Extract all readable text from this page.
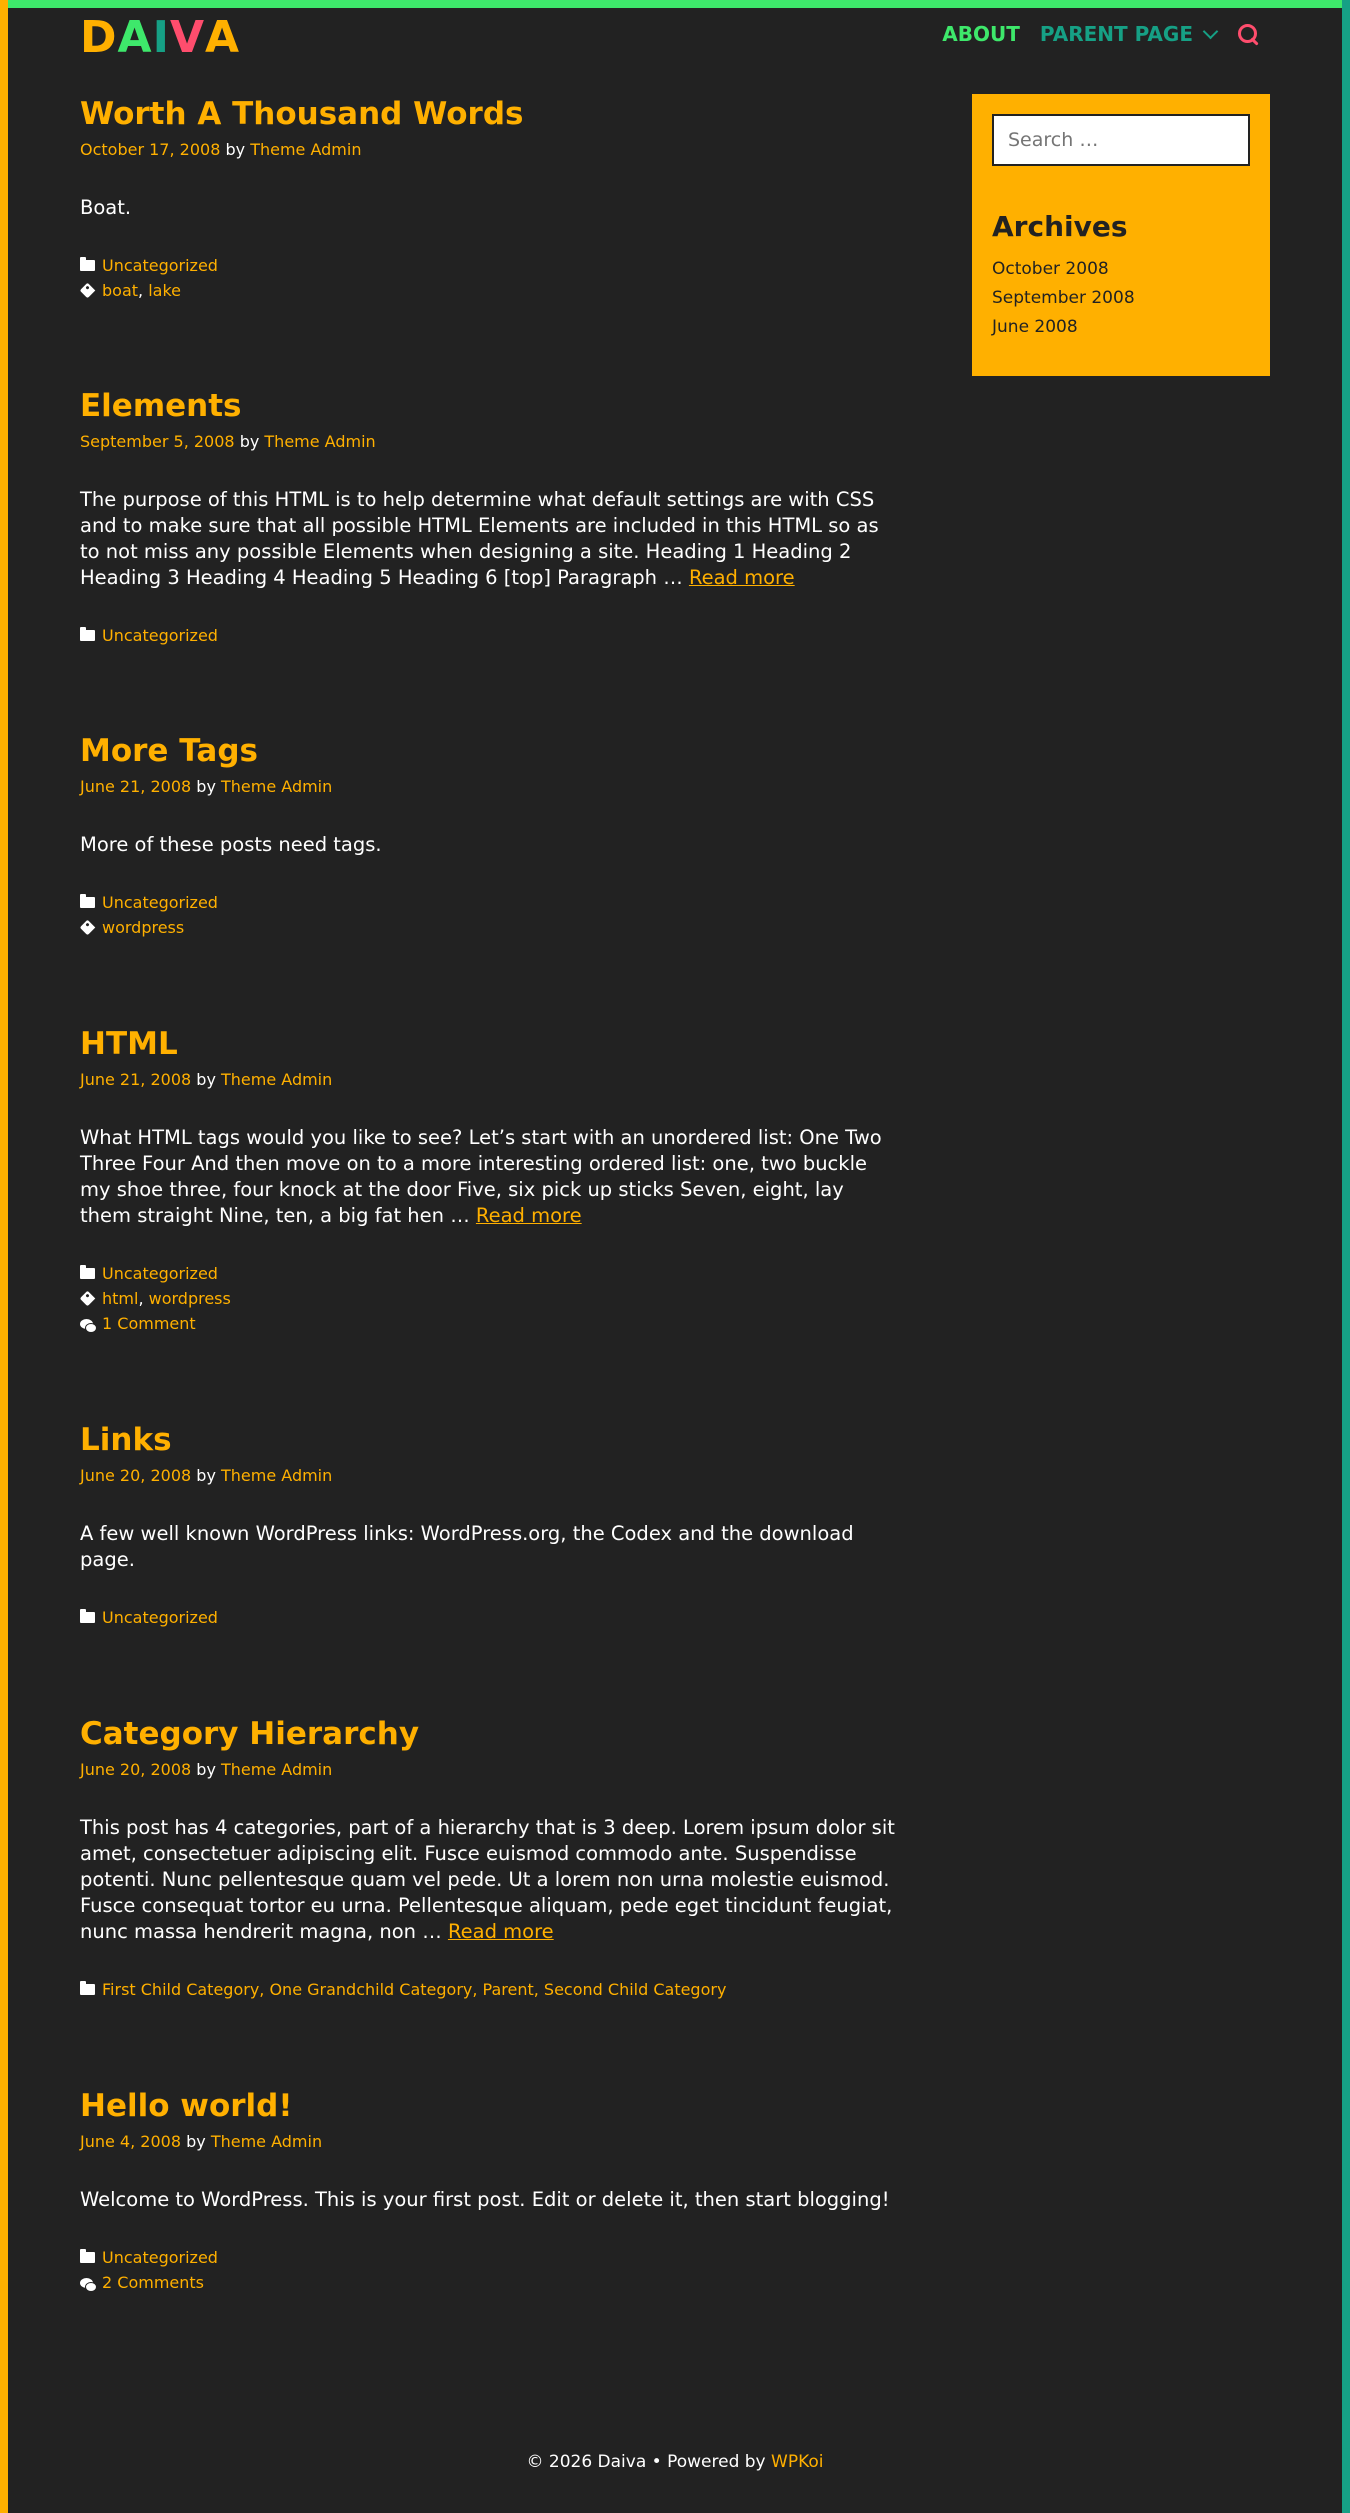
DAIVA	ABOUT PARENT PAGE
Worth A Thousand Words
October 17, 2008 by Theme Admin
Boat.
Uncategorized
boat , lake
Elements
September 5, 2008 by Theme Admin
The purpose of this HTML is to help determine what default settings are with CSS and to make sure that all possible HTML Elements are included in this HTML so as to not miss any possible Elements when designing a site. Heading 1 Heading 2 Heading 3 Heading 4 Heading 5 Heading 6 [top] Paragraph … Read more
Uncategorized
More Tags
June 21, 2008 by Theme Admin
More of these posts need tags.
Uncategorized
wordpress
HTML
June 21, 2008 by Theme Admin
What HTML tags would you like to see? Let’s start with an unordered list: One Two Three Four And then move on to a more interesting ordered list: one, two buckle my shoe three, four knock at the door Five, six pick up sticks Seven, eight, lay them straight Nine, ten, a big fat hen … Read more
Uncategorized
html , wordpress
1 Comment
Links
June 20, 2008 by Theme Admin
A few well known WordPress links: WordPress.org, the Codex and the download page.
Uncategorized
Category Hierarchy
June 20, 2008 by Theme Admin
This post has 4 categories, part of a hierarchy that is 3 deep. Lorem ipsum dolor sit amet, consectetuer adipiscing elit. Fusce euismod commodo ante. Suspendisse potenti. Nunc pellentesque quam vel pede. Ut a lorem non urna molestie euismod. Fusce consequat tortor eu urna. Pellentesque aliquam, pede eget tincidunt feugiat, nunc massa hendrerit magna, non … Read more
First Child Category, One Grandchild Category, Parent, Second Child Category
Hello world!
June 4, 2008 by Theme Admin
Welcome to WordPress. This is your first post. Edit or delete it, then start blogging!
Uncategorized
2 Comments
Search …
Archives
October 2008
September 2008
June 2008
© 2026 Daiva • Powered by WPKoi
